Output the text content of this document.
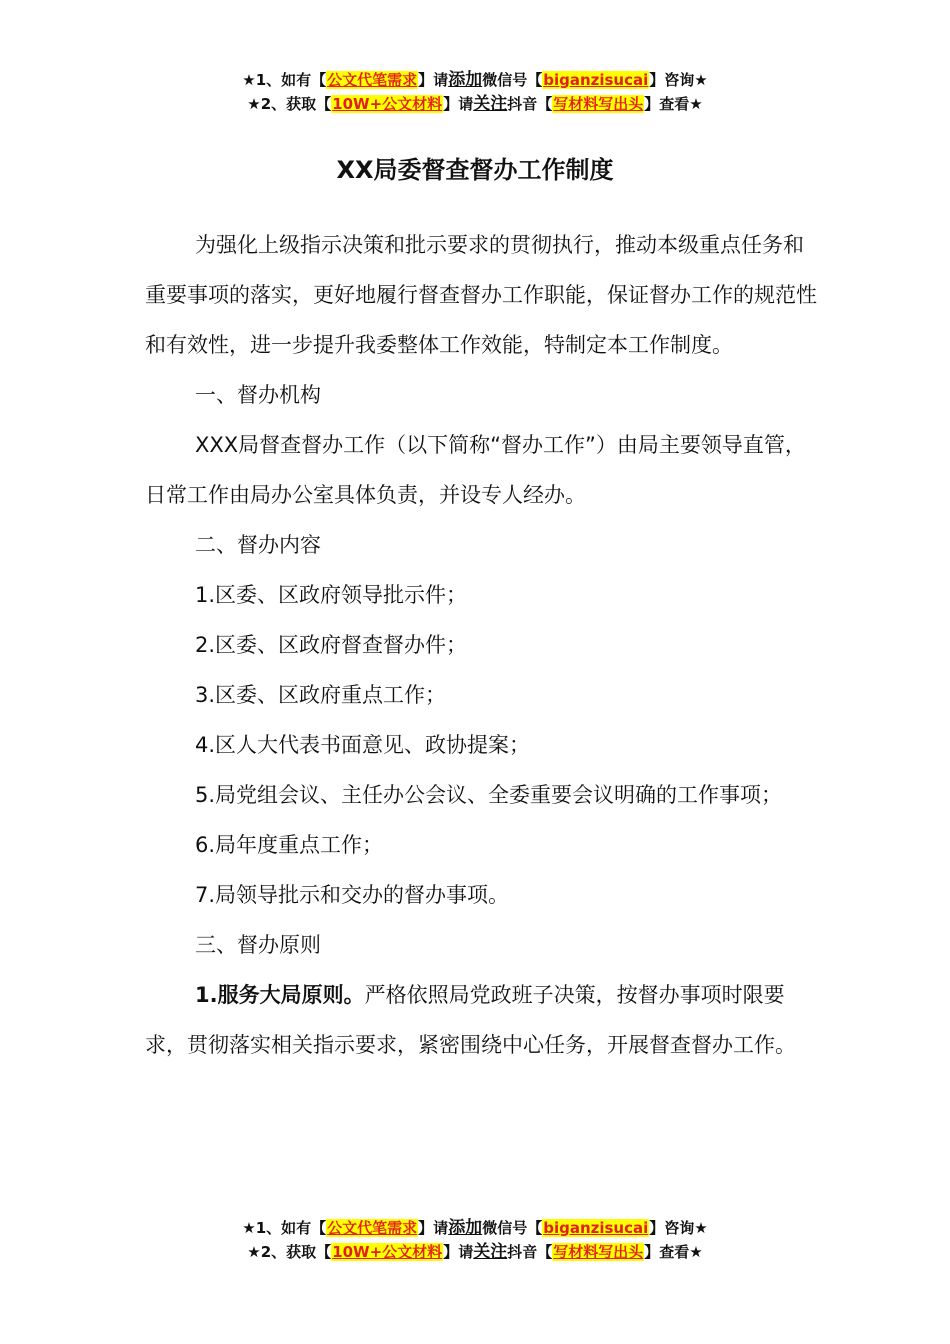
★1、如有【公文代笔需求】请添加微信号【biganzisucai】咨询★
★2、获取【10W+公文材料】请关注抖音【写材料写出头】查看★
XX局委督查督办工作制度

为强化上级指示决策和批示要求的贯彻执行，推动本级重点任务和重要事项的落实，更好地履行督查督办工作职能，保证督办工作的规范性和有效性，进一步提升我委整体工作效能，特制定本工作制度。

一、督办机构

XXX局督查督办工作（以下简称“督办工作”）由局主要领导直管，日常工作由局办公室具体负责，并设专人经办。

二、督办内容

1.区委、区政府领导批示件；

2.区委、区政府督查督办件；

3.区委、区政府重点工作；

4.区人大代表书面意见、政协提案；

5.局党组会议、主任办公会议、全委重要会议明确的工作事项；

6.局年度重点工作；

7.局领导批示和交办的督办事项。

三、督办原则

1.服务大局原则。严格依照局党政班子决策，按督办事项时限要求，贯彻落实相关指示要求，紧密围绕中心任务，开展督查督办工作。

★1、如有【公文代笔需求】请添加微信号【biganzisucai】咨询★
★2、获取【10W+公文材料】请关注抖音【写材料写出头】查看★
